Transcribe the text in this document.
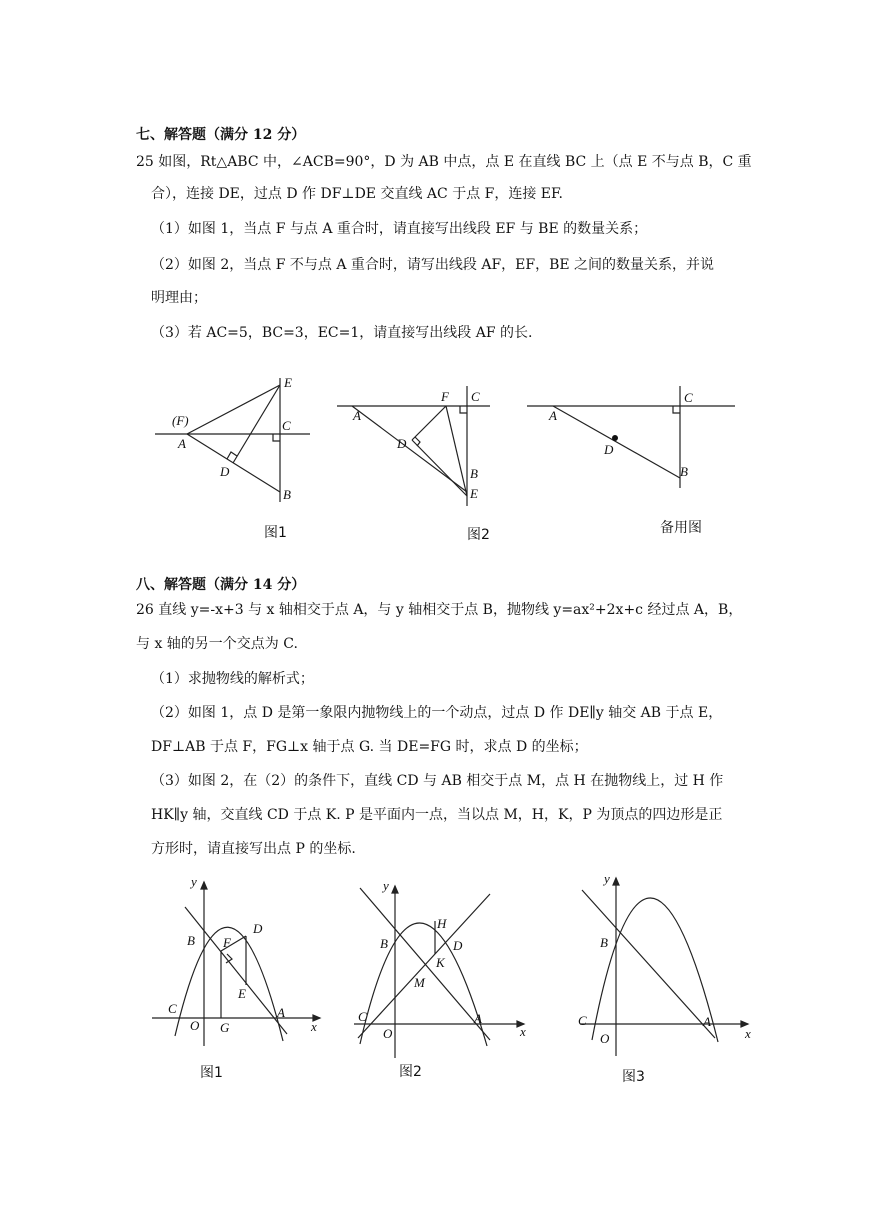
七、解答题（满分 12 分）
25 如图，Rt△ABC 中，∠ACB=90°，D 为 AB 中点，点 E 在直线 BC 上（点 E 不与点 B，C 重
合），连接 DE，过点 D 作 DF⊥DE 交直线 AC 于点 F，连接 EF.
（1）如图 1，当点 F 与点 A 重合时，请直接写出线段 EF 与 BE 的数量关系；
（2）如图 2，当点 F 不与点 A 重合时，请写出线段 AF，EF，BE 之间的数量关系，并说
明理由；
（3）若 AC=5，BC=3，EC=1，请直接写出线段 AF 的长.
E
(F)
A
C
D
B
图1
F C
A
D
B
E
图2
C
A
D
B
备用图
八、解答题（满分 14 分）
26 直线 y=-x+3 与 x 轴相交于点 A，与 y 轴相交于点 B，抛物线 y=ax²+2x+c 经过点 A，B，
与 x 轴的另一个交点为 C.
（1）求抛物线的解析式；
（2）如图 1，点 D 是第一象限内抛物线上的一个动点，过点 D 作 DE∥y 轴交 AB 于点 E，
DF⊥AB 于点 F，FG⊥x 轴于点 G. 当 DE=FG 时，求点 D 的坐标；
（3）如图 2，在（2）的条件下，直线 CD 与 AB 相交于点 M，点 H 在抛物线上，过 H 作
HK∥y 轴，交直线 CD 于点 K. P 是平面内一点，当以点 M，H，K，P 为顶点的四边形是正
方形时，请直接写出点 P 的坐标.
y
x
O
B
C	A
D
F
E
G
图1
y
x
O
B
C	A
H
D
K
M
图2
y
x
O
B
C	A
图3
